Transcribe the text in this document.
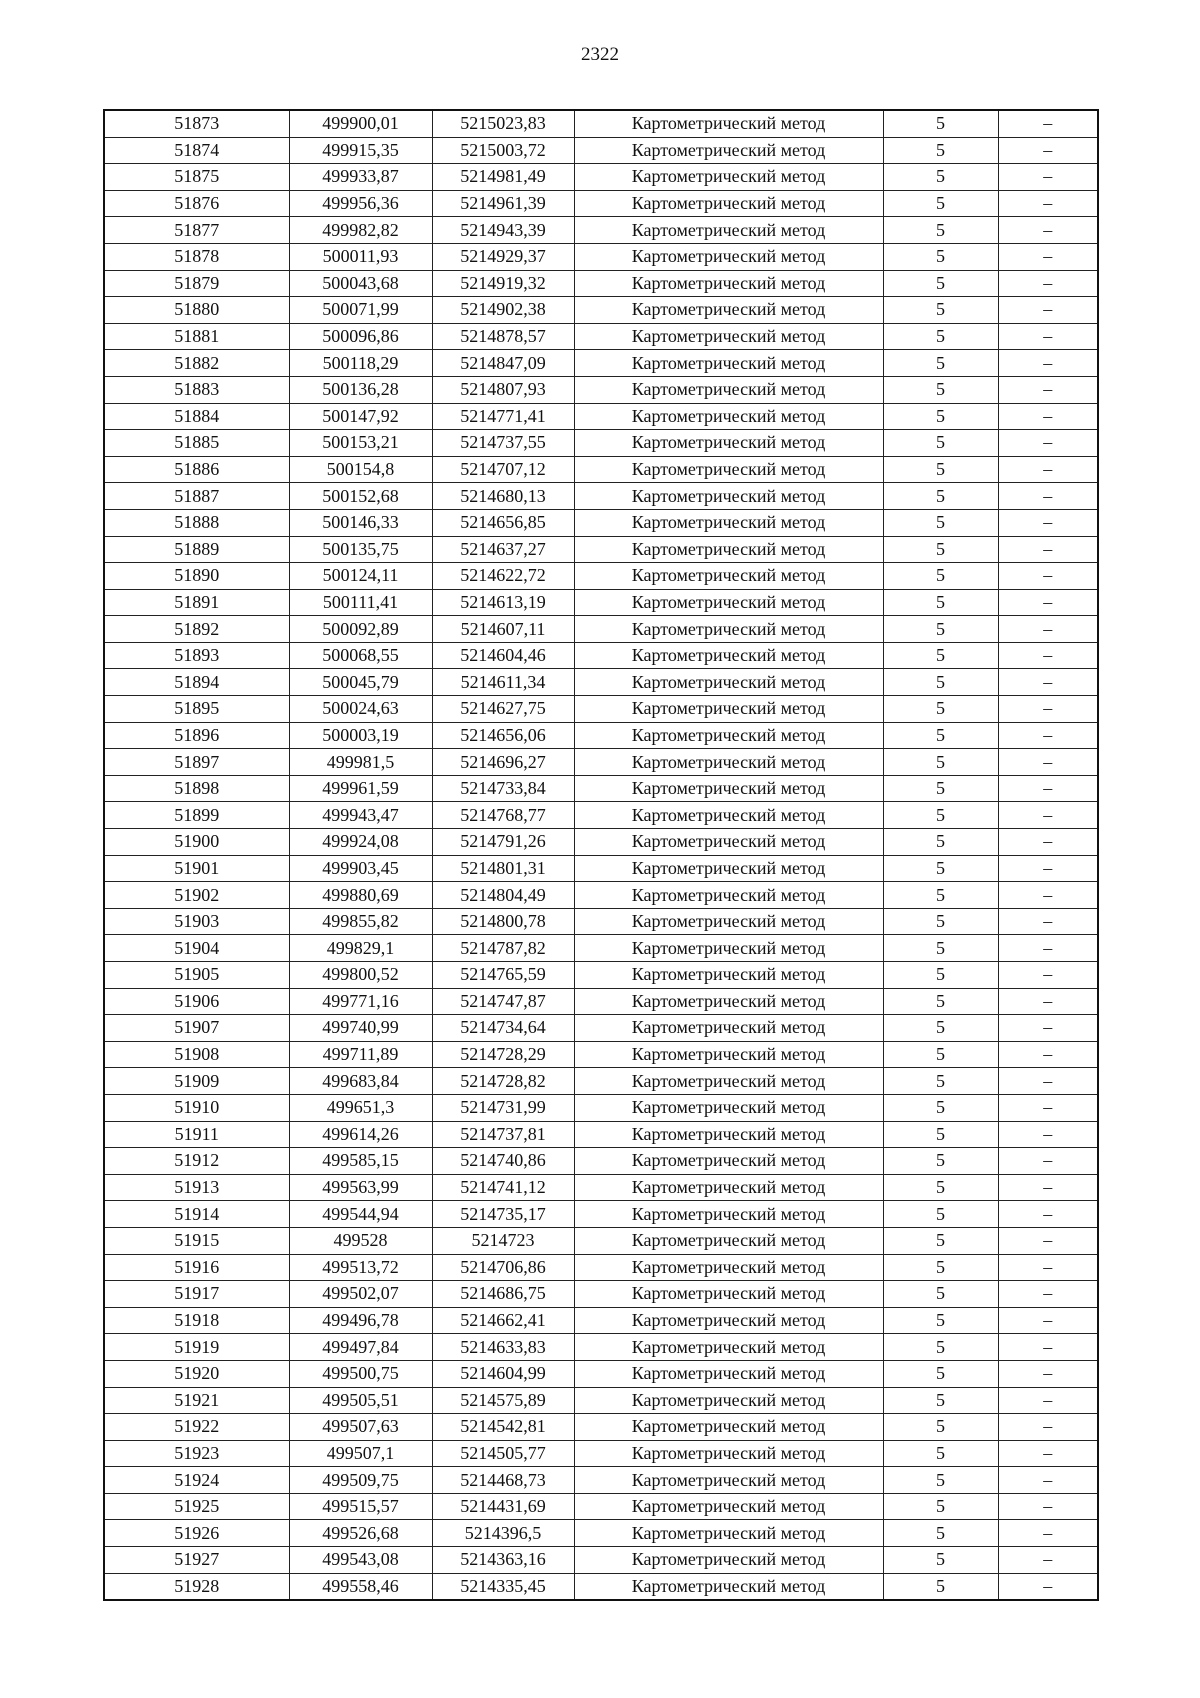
2322
51873	499900,01	5215023,83	Картометрический метод	5	–
51874	499915,35	5215003,72	Картометрический метод	5	–
51875	499933,87	5214981,49	Картометрический метод	5	–
51876	499956,36	5214961,39	Картометрический метод	5	–
51877	499982,82	5214943,39	Картометрический метод	5	–
51878	500011,93	5214929,37	Картометрический метод	5	–
51879	500043,68	5214919,32	Картометрический метод	5	–
51880	500071,99	5214902,38	Картометрический метод	5	–
51881	500096,86	5214878,57	Картометрический метод	5	–
51882	500118,29	5214847,09	Картометрический метод	5	–
51883	500136,28	5214807,93	Картометрический метод	5	–
51884	500147,92	5214771,41	Картометрический метод	5	–
51885	500153,21	5214737,55	Картометрический метод	5	–
51886	500154,8	5214707,12	Картометрический метод	5	–
51887	500152,68	5214680,13	Картометрический метод	5	–
51888	500146,33	5214656,85	Картометрический метод	5	–
51889	500135,75	5214637,27	Картометрический метод	5	–
51890	500124,11	5214622,72	Картометрический метод	5	–
51891	500111,41	5214613,19	Картометрический метод	5	–
51892	500092,89	5214607,11	Картометрический метод	5	–
51893	500068,55	5214604,46	Картометрический метод	5	–
51894	500045,79	5214611,34	Картометрический метод	5	–
51895	500024,63	5214627,75	Картометрический метод	5	–
51896	500003,19	5214656,06	Картометрический метод	5	–
51897	499981,5	5214696,27	Картометрический метод	5	–
51898	499961,59	5214733,84	Картометрический метод	5	–
51899	499943,47	5214768,77	Картометрический метод	5	–
51900	499924,08	5214791,26	Картометрический метод	5	–
51901	499903,45	5214801,31	Картометрический метод	5	–
51902	499880,69	5214804,49	Картометрический метод	5	–
51903	499855,82	5214800,78	Картометрический метод	5	–
51904	499829,1	5214787,82	Картометрический метод	5	–
51905	499800,52	5214765,59	Картометрический метод	5	–
51906	499771,16	5214747,87	Картометрический метод	5	–
51907	499740,99	5214734,64	Картометрический метод	5	–
51908	499711,89	5214728,29	Картометрический метод	5	–
51909	499683,84	5214728,82	Картометрический метод	5	–
51910	499651,3	5214731,99	Картометрический метод	5	–
51911	499614,26	5214737,81	Картометрический метод	5	–
51912	499585,15	5214740,86	Картометрический метод	5	–
51913	499563,99	5214741,12	Картометрический метод	5	–
51914	499544,94	5214735,17	Картометрический метод	5	–
51915	499528	5214723	Картометрический метод	5	–
51916	499513,72	5214706,86	Картометрический метод	5	–
51917	499502,07	5214686,75	Картометрический метод	5	–
51918	499496,78	5214662,41	Картометрический метод	5	–
51919	499497,84	5214633,83	Картометрический метод	5	–
51920	499500,75	5214604,99	Картометрический метод	5	–
51921	499505,51	5214575,89	Картометрический метод	5	–
51922	499507,63	5214542,81	Картометрический метод	5	–
51923	499507,1	5214505,77	Картометрический метод	5	–
51924	499509,75	5214468,73	Картометрический метод	5	–
51925	499515,57	5214431,69	Картометрический метод	5	–
51926	499526,68	5214396,5	Картометрический метод	5	–
51927	499543,08	5214363,16	Картометрический метод	5	–
51928	499558,46	5214335,45	Картометрический метод	5	–
